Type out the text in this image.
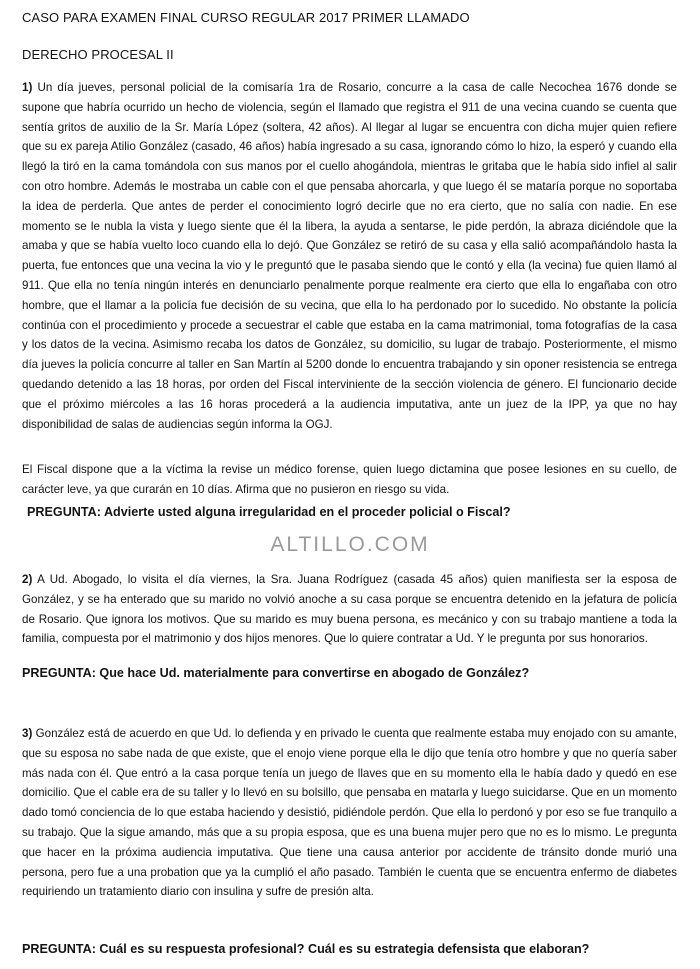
CASO PARA EXAMEN FINAL CURSO REGULAR 2017 PRIMER LLAMADO
DERECHO PROCESAL II
1) Un día jueves, personal policial de la comisaría 1ra de Rosario, concurre a la casa de calle Necochea 1676 donde se supone que habría ocurrido un hecho de violencia, según el llamado que registra el 911 de una vecina cuando se cuenta que sentía gritos de auxilio de la Sr. María López (soltera, 42 años). Al llegar al lugar se encuentra con dicha mujer quien refiere que su ex pareja Atilio González (casado, 46 años) había ingresado a su casa, ignorando cómo lo hizo, la esperó y cuando ella llegó la tiró en la cama tomándola con sus manos por el cuello ahogándola, mientras le gritaba que le había sido infiel al salir con otro hombre. Además le mostraba un cable con el que pensaba ahorcarla, y que luego él se mataría porque no soportaba la idea de perderla. Que antes de perder el conocimiento logró decirle que no era cierto, que no salía con nadie. En ese momento se le nubla la vista y luego siente que él la libera, la ayuda a sentarse, le pide perdón, la abraza diciéndole que la amaba y que se había vuelto loco cuando ella lo dejó. Que González se retiró de su casa y ella salió acompañándolo hasta la puerta, fue entonces que una vecina la vio y le preguntó que le pasaba siendo que le contó y ella (la vecina) fue quien llamó al 911. Que ella no tenía ningún interés en denunciarlo penalmente porque realmente era cierto que ella lo engañaba con otro hombre, que el llamar a la policía fue decisión de su vecina, que ella lo ha perdonado por lo sucedido. No obstante la policía continúa con el procedimiento y procede a secuestrar el cable que estaba en la cama matrimonial, toma fotografías de la casa y los datos de la vecina. Asimismo recaba los datos de González, su domicilio, su lugar de trabajo. Posteriormente, el mismo día jueves la policía concurre al taller en San Martín al 5200 donde lo encuentra trabajando y sin oponer resistencia se entrega quedando detenido a las 18 horas, por orden del Fiscal interviniente de la sección violencia de género. El funcionario decide que el próximo miércoles a las 16 horas procederá a la audiencia imputativa, ante un juez de la IPP, ya que no hay disponibilidad de salas de audiencias según informa la OGJ.
El Fiscal dispone que a la víctima la revise un médico forense, quien luego dictamina que posee lesiones en su cuello, de carácter leve, ya que curarán en 10 días. Afirma que no pusieron en riesgo su vida.
PREGUNTA: Advierte usted alguna irregularidad en el proceder policial o Fiscal?
ALTILLO.COM
2) A Ud. Abogado, lo visita el día viernes, la Sra. Juana Rodríguez (casada 45 años) quien manifiesta ser la esposa de González, y se ha enterado que su marido no volvió anoche a su casa porque se encuentra detenido en la jefatura de policía de Rosario. Que ignora los motivos. Que su marido es muy buena persona, es mecánico y con su trabajo mantiene a toda la familia, compuesta por el matrimonio y dos hijos menores. Que lo quiere contratar a Ud. Y le pregunta por sus honorarios.
PREGUNTA: Que hace Ud. materialmente para convertirse en abogado de González?
3) González está de acuerdo en que Ud. lo defienda y en privado le cuenta que realmente estaba muy enojado con su amante, que su esposa no sabe nada de que existe, que el enojo viene porque ella le dijo que tenía otro hombre y que no quería saber más nada con él. Que entró a la casa porque tenía un juego de llaves que en su momento ella le había dado y quedó en ese domicilio. Que el cable era de su taller y lo llevó en su bolsillo, que pensaba en matarla y luego suicidarse. Que en un momento dado tomó conciencia de lo que estaba haciendo y desistió, pidiéndole perdón. Que ella lo perdonó y por eso se fue tranquilo a su trabajo. Que la sigue amando, más que a su propia esposa, que es una buena mujer pero que no es lo mismo. Le pregunta que hacer en la próxima audiencia imputativa. Que tiene una causa anterior por accidente de tránsito donde murió una persona, pero fue a una probation que ya la cumplió el año pasado. También le cuenta que se encuentra enfermo de diabetes requiriendo un tratamiento diario con insulina y sufre de presión alta.
PREGUNTA: Cuál es su respuesta profesional? Cuál es su estrategia defensista que elaboran?
